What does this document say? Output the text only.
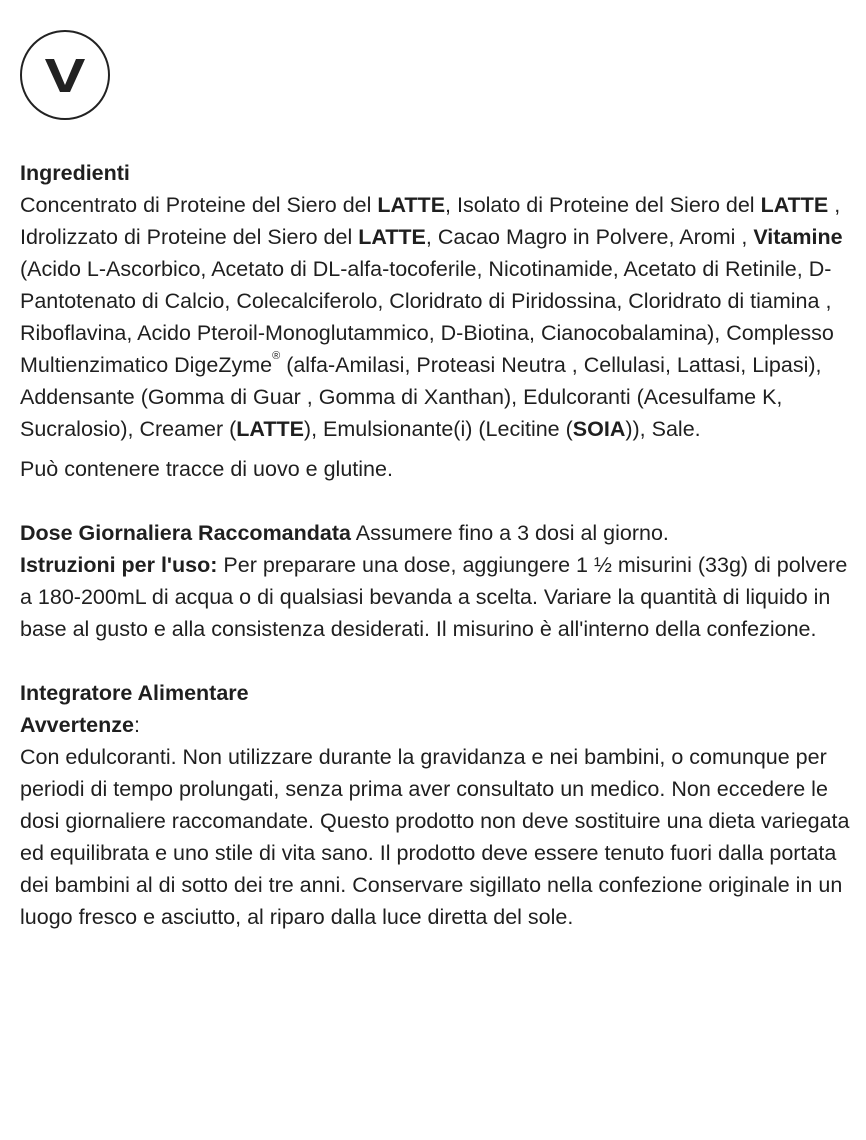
Ingredienti

Concentrato di Proteine del Siero del LATTE, Isolato di Proteine del Siero del LATTE , Idrolizzato di Proteine del Siero del LATTE, Cacao Magro in Polvere, Aromi , Vitamine (Acido L-Ascorbico, Acetato di DL-alfa-tocoferile, Nicotinamide, Acetato di Retinile, D-Pantotenato di Calcio, Colecalciferolo, Cloridrato di Piridossina, Cloridrato di tiamina , Riboflavina, Acido Pteroil-Monoglutammico, D-Biotina, Cianocobalamina), Complesso Multienzimatico DigeZyme® (alfa-Amilasi, Proteasi Neutra , Cellulasi, Lattasi, Lipasi), Addensante (Gomma di Guar , Gomma di Xanthan), Edulcoranti (Acesulfame K, Sucralosio), Creamer (LATTE), Emulsionante(i) (Lecitine (SOIA)), Sale.

Può contenere tracce di uovo e glutine.

Dose Giornaliera Raccomandata Assumere fino a 3 dosi al giorno.

Istruzioni per l'uso: Per preparare una dose, aggiungere 1 ½ misurini (33g) di polvere a 180-200mL di acqua o di qualsiasi bevanda a scelta. Variare la quantità di liquido in base al gusto e alla consistenza desiderati. Il misurino è all'interno della confezione.

Integratore Alimentare

Avvertenze:

Con edulcoranti. Non utilizzare durante la gravidanza e nei bambini, o comunque per periodi di tempo prolungati, senza prima aver consultato un medico. Non eccedere le dosi giornaliere raccomandate. Questo prodotto non deve sostituire una dieta variegata ed equilibrata e uno stile di vita sano. Il prodotto deve essere tenuto fuori dalla portata dei bambini al di sotto dei tre anni. Conservare sigillato nella confezione originale in un luogo fresco e asciutto, al riparo dalla luce diretta del sole.
